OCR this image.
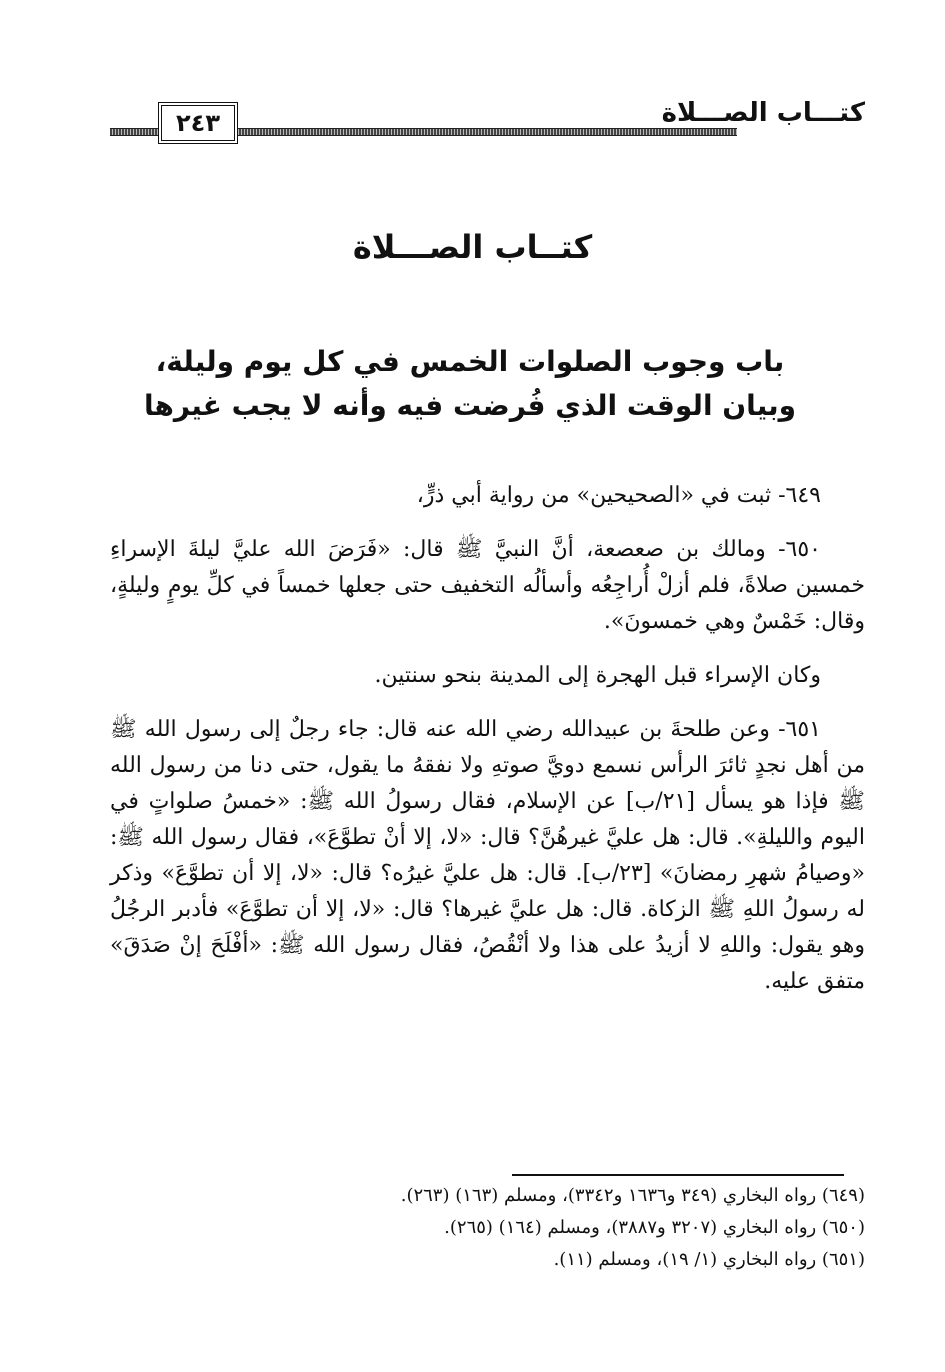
٢٤٣	كتـــاب الصـــلاة
كتــاب الصـــلاة
باب وجوب الصلوات الخمس في كل يوم وليلة،
وبيان الوقت الذي فُرضت فيه وأنه لا يجب غيرها

٦٤٩- ثبت في «الصحيحين» من رواية أبي ذرٍّ،

٦٥٠- ومالك بن صعصعة، أنَّ النبيَّ ﷺ قال: «فَرَضَ الله عليَّ ليلةَ الإسراءِ خمسين صلاةً، فلم أزلْ أُراجِعُه وأسألُه التخفيف حتى جعلها خمساً في كلِّ يومٍ وليلةٍ، وقال: خَمْسٌ وهي خمسونَ».

وكان الإسراء قبل الهجرة إلى المدينة بنحو سنتين.

٦٥١- وعن طلحةَ بن عبيدالله رضي الله عنه قال: جاء رجلٌ إلى رسول الله ﷺ من أهل نجدٍ ثائرَ الرأس نسمع دويَّ صوتهِ ولا نفقهُ ما يقول، حتى دنا من رسول الله ﷺ فإذا هو يسأل [٢١/ب] عن الإسلام، فقال رسولُ الله ﷺ: «خمسُ صلواتٍ في اليوم والليلةِ». قال: هل عليَّ غيرهُنَّ؟ قال: «لا، إلا أنْ تطوَّعَ»، فقال رسول الله ﷺ: «وصيامُ شهرِ رمضانَ» [٢٣/ب]. قال: هل عليَّ غيرُه؟ قال: «لا، إلا أن تطوَّعَ» وذكر له رسولُ اللهِ ﷺ الزكاة. قال: هل عليَّ غيرها؟ قال: «لا، إلا أن تطوَّعَ» فأدبر الرجُلُ وهو يقول: واللهِ لا أزيدُ على هذا ولا أنْقُصُ، فقال رسول الله ﷺ: «أفْلَحَ إنْ صَدَقَ» متفق عليه.

(٦٤٩) رواه البخاري (٣٤٩ و١٦٣٦ و٣٣٤٢)، ومسلم (١٦٣) (٢٦٣).
(٦٥٠) رواه البخاري (٣٢٠٧ و٣٨٨٧)، ومسلم (١٦٤) (٢٦٥).
(٦٥١) رواه البخاري (١/ ١٩)، ومسلم (١١).
